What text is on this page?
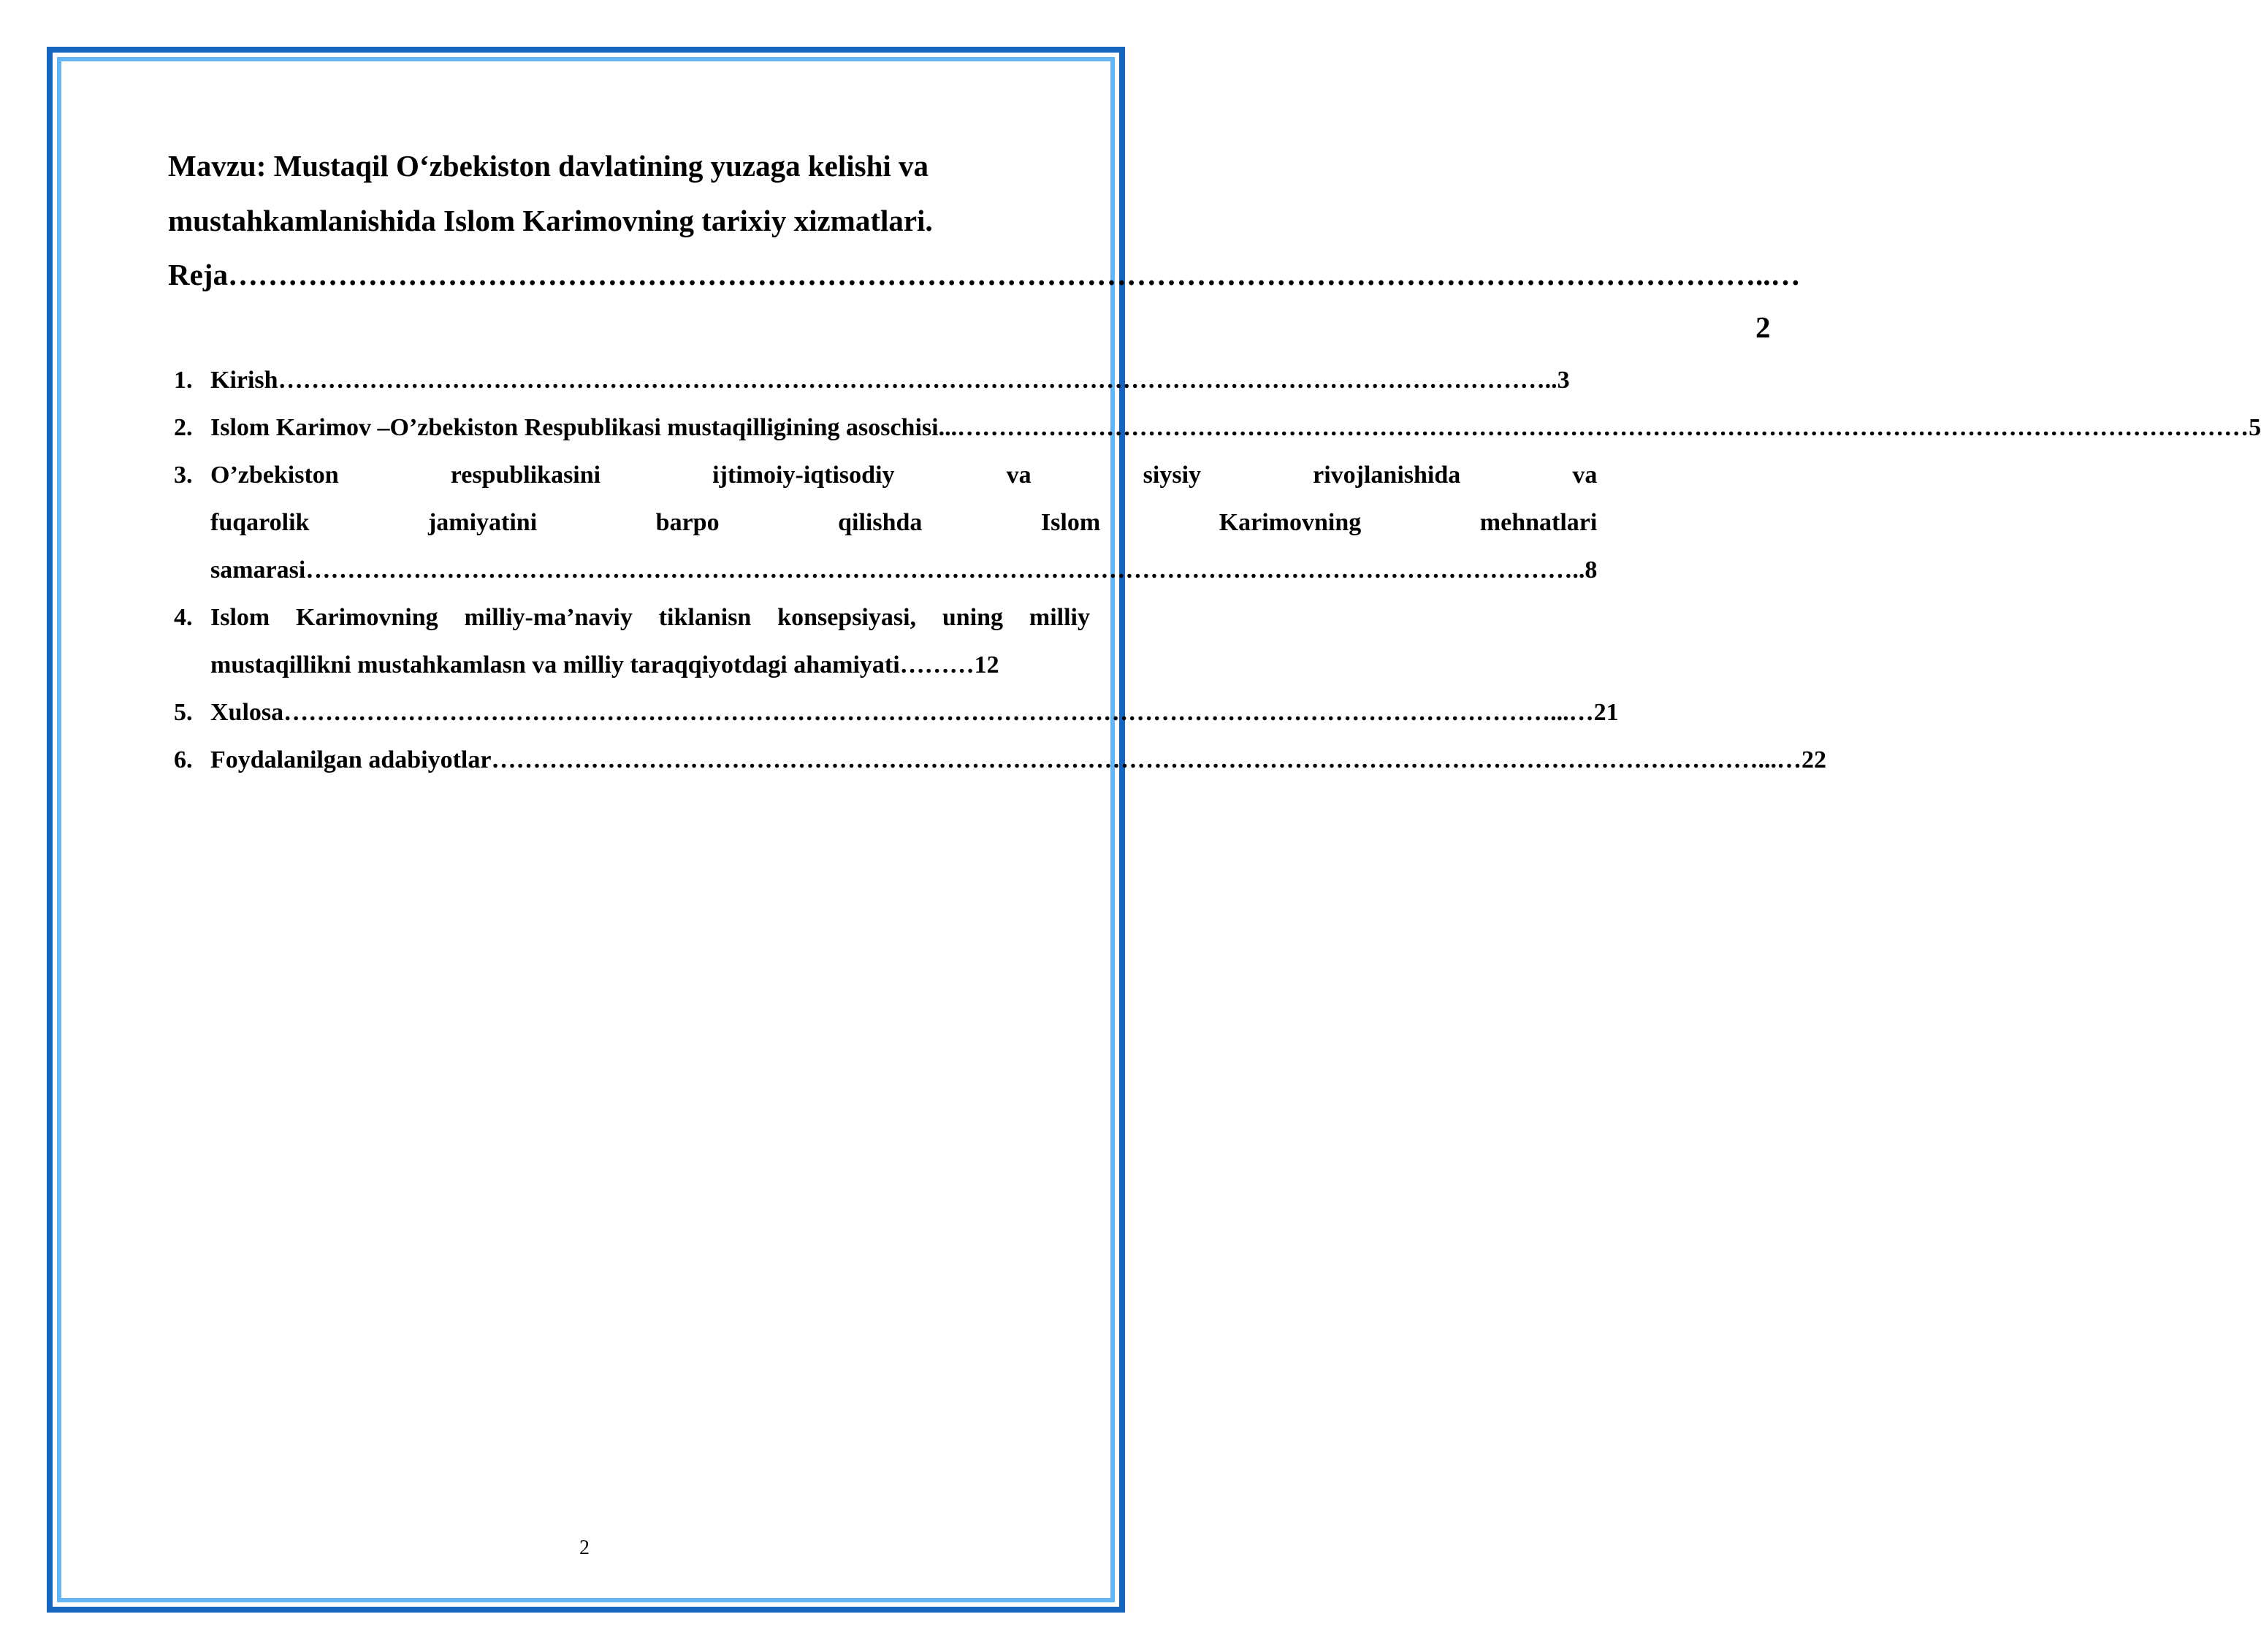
Mavzu: Mustaqil O‘zbekiston davlatining yuzaga kelishi va

mustahkamlanishida Islom Karimovning tarixiy xizmatlari.

Reja ………………………………………………………………………………………………………………………………………	..…2
1. Kirish ………………………………………………………………………………………………………………………………………	..3
2. Islom Karimov –O’zbekiston Respublikasi mustaqilligining asoschisi... ………………………………………………………………………………………………………………………………………	…5
3. O’zbekiston respublikasini ijtimoiy-iqtisodiy va siysiy rivojlanishida va
fuqarolik jamiyatini barpo qilishda Islom Karimovning mehnatlari
samarasi ………………………………………………………………………………………………………………………………………	..8
4. Islom Karimovning milliy-ma’naviy tiklanisn konsepsiyasi, uning milliy
mustaqillikni mustahkamlasn va milliy taraqqiyotdagi ahamiyati ………12
5. Xulosa ………………………………………………………………………………………………………………………………………	...…21
6. Foydalanilgan adabiyotlar ………………………………………………………………………………………………………………………………………	...…22
2
